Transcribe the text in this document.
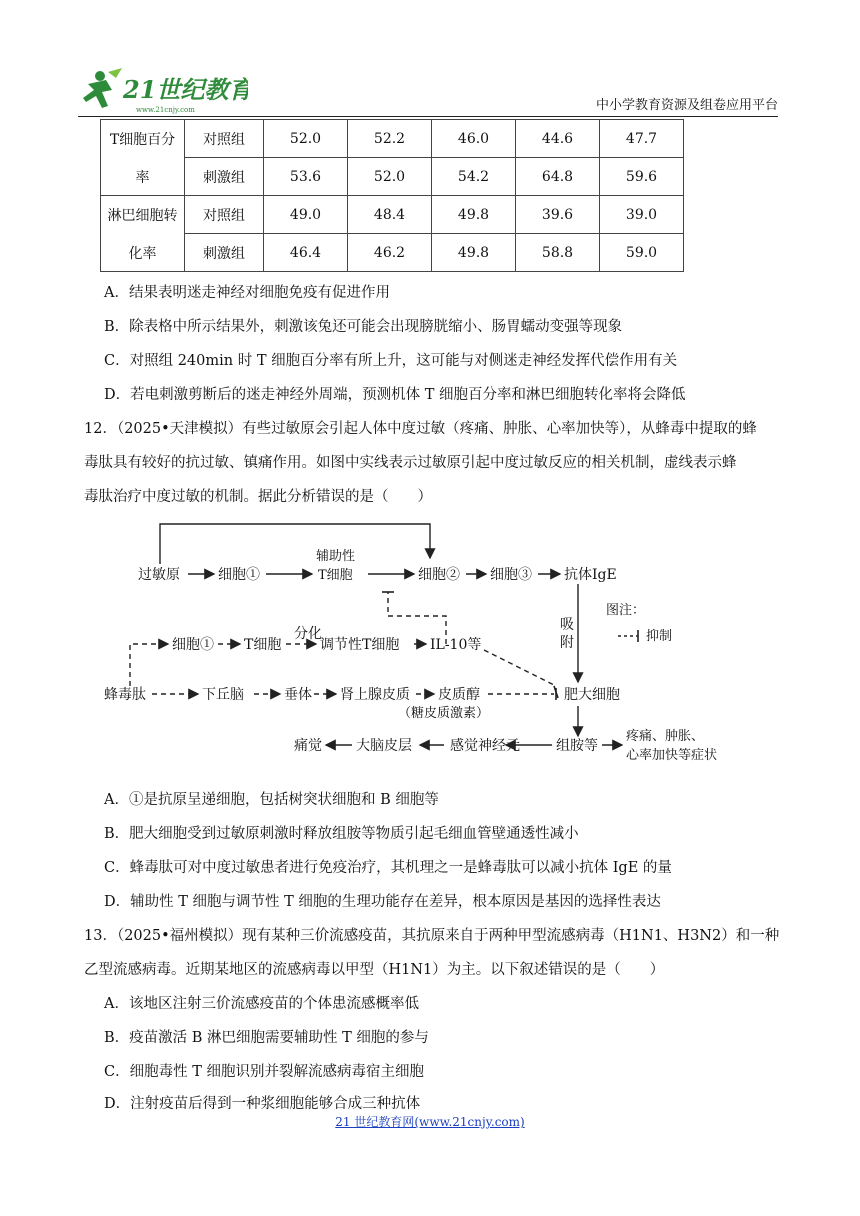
21世纪教育
www.21cnjy.com	中小学教育资源及组卷应用平台
T细胞百分
率	对照组	52.0	52.2	46.0	44.6	47.7
	刺激组	53.6	52.0	54.2	64.8	59.6

淋巴细胞转
化率	对照组	49.0	48.4	49.8	39.6	39.0
	刺激组	46.4	46.2	49.8	58.8	59.0
A．结果表明迷走神经对细胞免疫有促进作用
B．除表格中所示结果外，刺激该兔还可能会出现膀胱缩小、肠胃蠕动变强等现象
C．对照组 240min 时 T 细胞百分率有所上升，这可能与对侧迷走神经发挥代偿作用有关
D．若电刺激剪断后的迷走神经外周端，预测机体 T 细胞百分率和淋巴细胞转化率将会降低
12．（2025•天津模拟）有些过敏原会引起人体中度过敏（疼痛、肿胀、心率加快等），从蜂毒中提取的蜂
毒肽具有较好的抗过敏、镇痛作用。如图中实线表示过敏原引起中度过敏反应的相关机制，虚线表示蜂
毒肽治疗中度过敏的机制。据此分析错误的是（　　）
过敏原	细胞①
辅助性
T细胞	细胞② 细胞③ 抗体IgE
吸
附
图注：
抑制
细胞① T细胞
分化
调节性T细胞 IL-10等
蜂毒肽	下丘脑	垂体 肾上腺皮质 皮质醇
（糖皮质激素）
肥大细胞
痛觉 大脑皮层	感觉神经元	组胺等
疼痛、肿胀、
心率加快等症状
A．①是抗原呈递细胞，包括树突状细胞和 B 细胞等
B．肥大细胞受到过敏原刺激时释放组胺等物质引起毛细血管壁通透性减小
C．蜂毒肽可对中度过敏患者进行免疫治疗，其机理之一是蜂毒肽可以减小抗体 IgE 的量
D．辅助性 T 细胞与调节性 T 细胞的生理功能存在差异，根本原因是基因的选择性表达
13．（2025•福州模拟）现有某种三价流感疫苗，其抗原来自于两种甲型流感病毒（H1N1、H3N2）和一种
乙型流感病毒。近期某地区的流感病毒以甲型（H1N1）为主。以下叙述错误的是（　　）
A．该地区注射三价流感疫苗的个体患流感概率低
B．疫苗激活 B 淋巴细胞需要辅助性 T 细胞的参与
C．细胞毒性 T 细胞识别并裂解流感病毒宿主细胞
D．注射疫苗后得到一种浆细胞能够合成三种抗体
21 世纪教育网(www.21cnjy.com)
